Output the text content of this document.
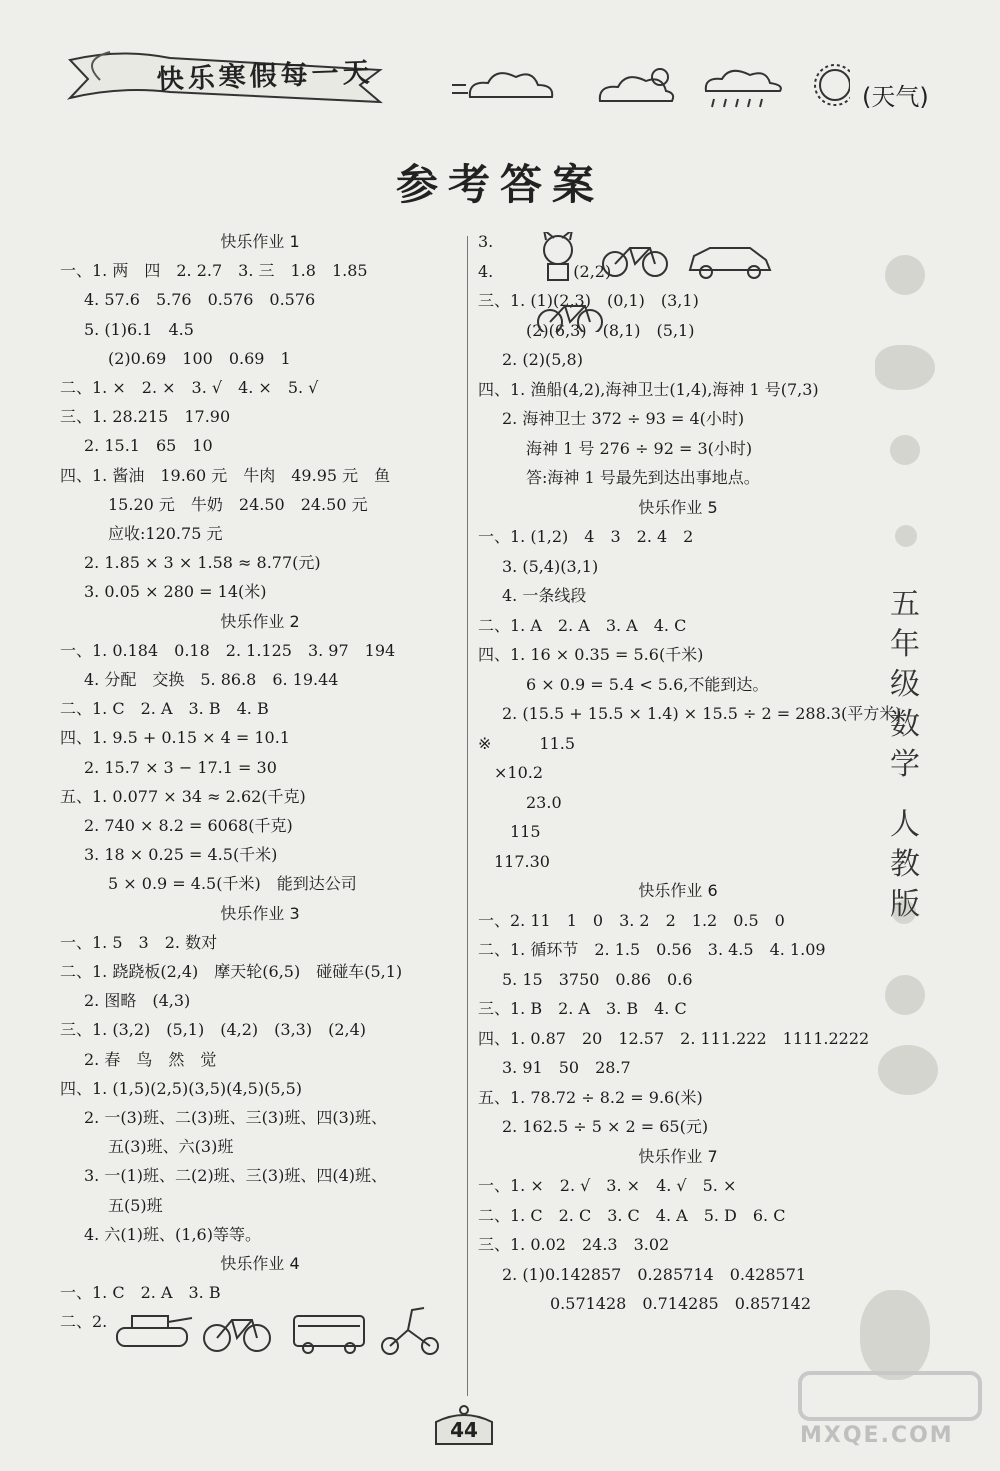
快乐寒假每一天
(天气)
参考答案
快乐作业 1
一、1. 两　四　2. 2.7　3. 三　1.8　1.85
4. 57.6　5.76　0.576　0.576
5. (1)6.1　4.5
(2)0.69　100　0.69　1
二、1. ×　2. ×　3. √　4. ×　5. √
三、1. 28.215　17.90
2. 15.1　65　10
四、1. 酱油　19.60 元　牛肉　49.95 元　鱼
15.20 元　牛奶　24.50　24.50 元
应收:120.75 元
2. 1.85 × 3 × 1.58 ≈ 8.77(元)
3. 0.05 × 280 = 14(米)
快乐作业 2
一、1. 0.184　0.18　2. 1.125　3. 97　194
4. 分配　交换　5. 86.8　6. 19.44
二、1. C　2. A　3. B　4. B
四、1. 9.5 + 0.15 × 4 = 10.1
2. 15.7 × 3 − 17.1 = 30
五、1. 0.077 × 34 ≈ 2.62(千克)
2. 740 × 8.2 = 6068(千克)
3. 18 × 0.25 = 4.5(千米)
5 × 0.9 = 4.5(千米)　能到达公司
快乐作业 3
一、1. 5　3　2. 数对
二、1. 跷跷板(2,4)　摩天轮(6,5)　碰碰车(5,1)
2. 图略　(4,3)
三、1. (3,2)　(5,1)　(4,2)　(3,3)　(2,4)
2. 春　鸟　然　觉
四、1. (1,5)(2,5)(3,5)(4,5)(5,5)
2. 一(3)班、二(3)班、三(3)班、四(3)班、
五(3)班、六(3)班
3. 一(1)班、二(2)班、三(3)班、四(4)班、
五(5)班
4. 六(1)班、(1,6)等等。
快乐作业 4
一、1. C　2. A　3. B
二、2.
3.
4.　　　　　(2,2)
三、1. (1)(2,3)　(0,1)　(3,1)
(2)(6,3)　(8,1)　(5,1)
2. (2)(5,8)
四、1. 渔船(4,2),海神卫士(1,4),海神 1 号(7,3)
2. 海神卫士 372 ÷ 93 = 4(小时)
海神 1 号 276 ÷ 92 = 3(小时)
答:海神 1 号最先到达出事地点。
快乐作业 5
一、1. (1,2)　4　3　2. 4　2
3. (5,4)(3,1)
4. 一条线段
二、1. A　2. A　3. A　4. C
四、1. 16 × 0.35 = 5.6(千米)
6 × 0.9 = 5.4 < 5.6,不能到达。
2. (15.5 + 15.5 × 1.4) × 15.5 ÷ 2 = 288.3(平方米)
※　　　11.5
　×10.2
　　　23.0
　　115
　117.30
快乐作业 6
一、2. 11　1　0　3. 2　2　1.2　0.5　0
二、1. 循环节　2. 1.5　0.56　3. 4.5　4. 1.09
5. 15　3750　0.86　0.6
三、1. B　2. A　3. B　4. C
四、1. 0.87　20　12.57　2. 111.222　1111.2222
3. 91　50　28.7
五、1. 78.72 ÷ 8.2 = 9.6(米)
2. 162.5 ÷ 5 × 2 = 65(元)
快乐作业 7
一、1. ×　2. √　3. ×　4. √　5. ×
二、1. C　2. C　3. C　4. A　5. D　6. C
三、1. 0.02　24.3　3.02
2. (1)0.142857　0.285714　0.428571
0.571428　0.714285　0.857142
五
年
级
数
学
人
教
版
44	MXQE.COM
